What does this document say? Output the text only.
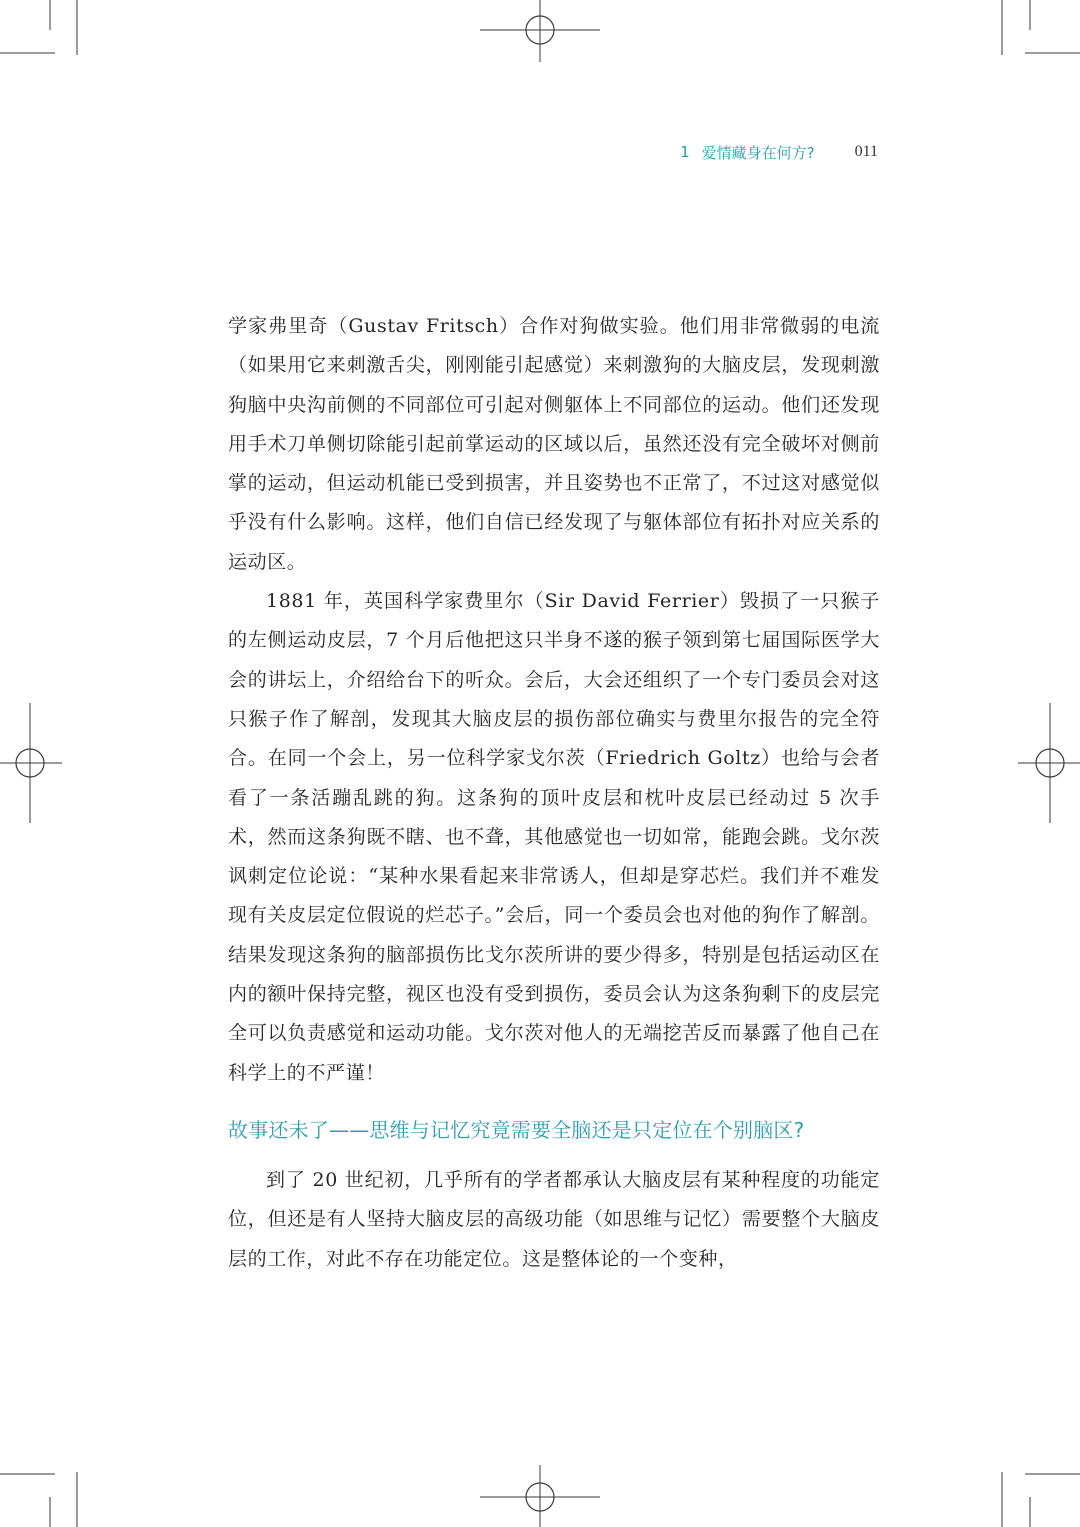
1 爱情藏身在何方?	011

学家弗里奇（Gustav Fritsch）合作对狗做实验。他们用非常微弱的电流（如果用它来刺激舌尖，刚刚能引起感觉）来刺激狗的大脑皮层，发现刺激狗脑中央沟前侧的不同部位可引起对侧躯体上不同部位的运动。他们还发现用手术刀单侧切除能引起前掌运动的区域以后，虽然还没有完全破坏对侧前掌的运动，但运动机能已受到损害，并且姿势也不正常了，不过这对感觉似乎没有什么影响。这样，他们自信已经发现了与躯体部位有拓扑对应关系的运动区。

1881 年，英国科学家费里尔（Sir David Ferrier）毁损了一只猴子的左侧运动皮层，7 个月后他把这只半身不遂的猴子领到第七届国际医学大会的讲坛上，介绍给台下的听众。会后，大会还组织了一个专门委员会对这只猴子作了解剖，发现其大脑皮层的损伤部位确实与费里尔报告的完全符合。在同一个会上，另一位科学家戈尔茨（Friedrich Goltz）也给与会者看了一条活蹦乱跳的狗。这条狗的顶叶皮层和枕叶皮层已经动过 5 次手术，然而这条狗既不瞎、也不聋，其他感觉也一切如常，能跑会跳。戈尔茨讽刺定位论说：“某种水果看起来非常诱人，但却是穿芯烂。我们并不难发现有关皮层定位假说的烂芯子。”会后，同一个委员会也对他的狗作了解剖。结果发现这条狗的脑部损伤比戈尔茨所讲的要少得多，特别是包括运动区在内的额叶保持完整，视区也没有受到损伤，委员会认为这条狗剩下的皮层完全可以负责感觉和运动功能。戈尔茨对他人的无端挖苦反而暴露了他自己在科学上的不严谨！

故事还未了——思维与记忆究竟需要全脑还是只定位在个别脑区?

到了 20 世纪初，几乎所有的学者都承认大脑皮层有某种程度的功能定位，但还是有人坚持大脑皮层的高级功能（如思维与记忆）需要整个大脑皮层的工作，对此不存在功能定位。这是整体论的一个变种，
